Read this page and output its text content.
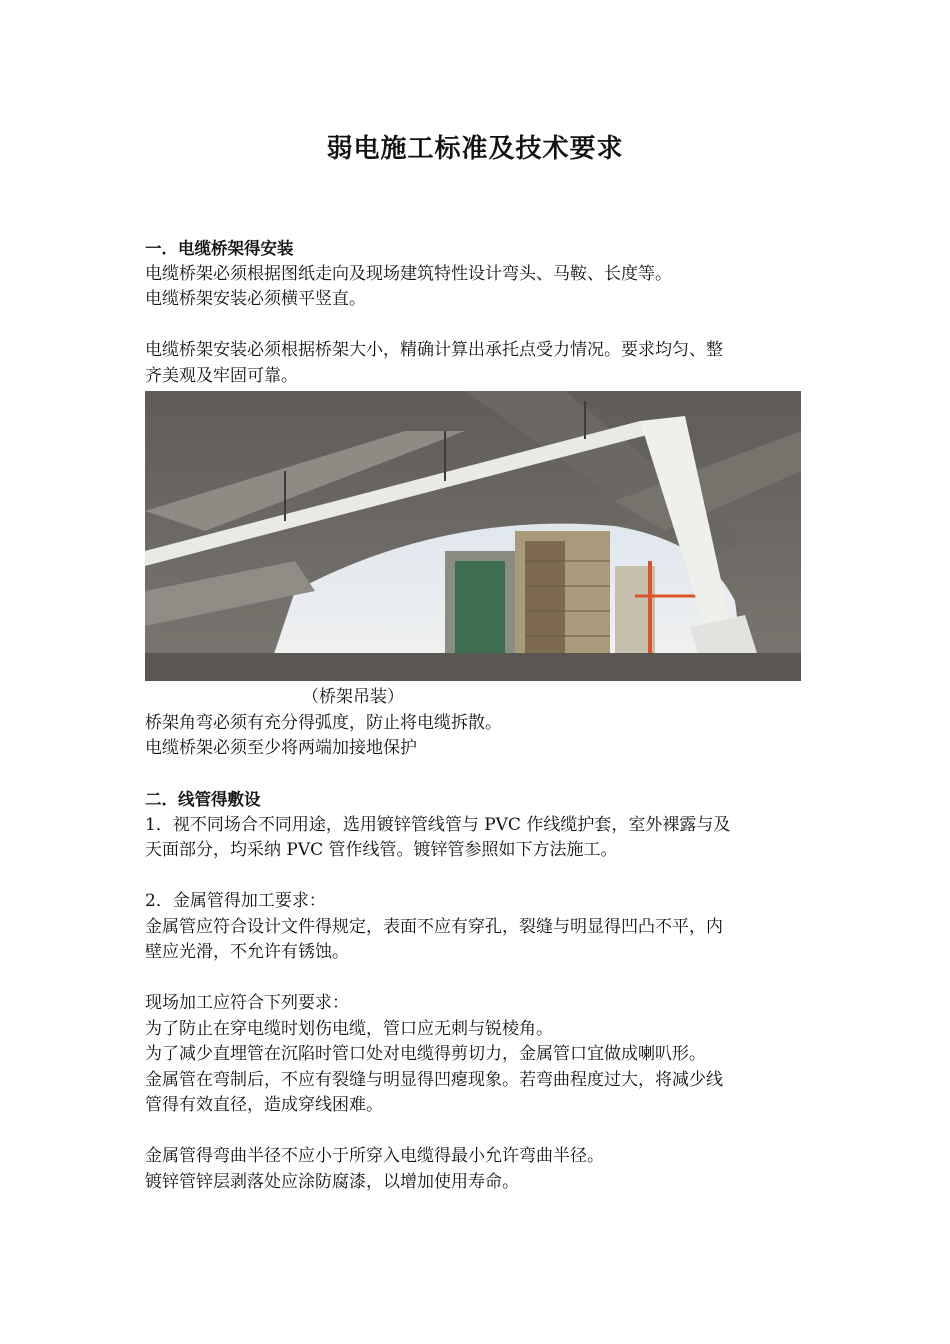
弱电施工标准及技术要求

一．电缆桥架得安装

电缆桥架必须根据图纸走向及现场建筑特性设计弯头、马鞍、长度等。

电缆桥架安装必须横平竖直。

电缆桥架安装必须根据桥架大小，精确计算出承托点受力情况。要求均匀、整

齐美观及牢固可靠。

（桥架吊装）

桥架角弯必须有充分得弧度，防止将电缆拆散。

电缆桥架必须至少将两端加接地保护

二．线管得敷设

1．视不同场合不同用途，选用镀锌管线管与 PVC 作线缆护套，室外裸露与及

天面部分，均采纳 PVC 管作线管。镀锌管参照如下方法施工。

2．金属管得加工要求：

金属管应符合设计文件得规定，表面不应有穿孔，裂缝与明显得凹凸不平，内

壁应光滑，不允许有锈蚀。

现场加工应符合下列要求：

为了防止在穿电缆时划伤电缆，管口应无刺与锐棱角。

为了减少直埋管在沉陷时管口处对电缆得剪切力，金属管口宜做成喇叭形。

金属管在弯制后，不应有裂缝与明显得凹瘪现象。若弯曲程度过大，将减少线

管得有效直径，造成穿线困难。

金属管得弯曲半径不应小于所穿入电缆得最小允许弯曲半径。

镀锌管锌层剥落处应涂防腐漆，以增加使用寿命。
